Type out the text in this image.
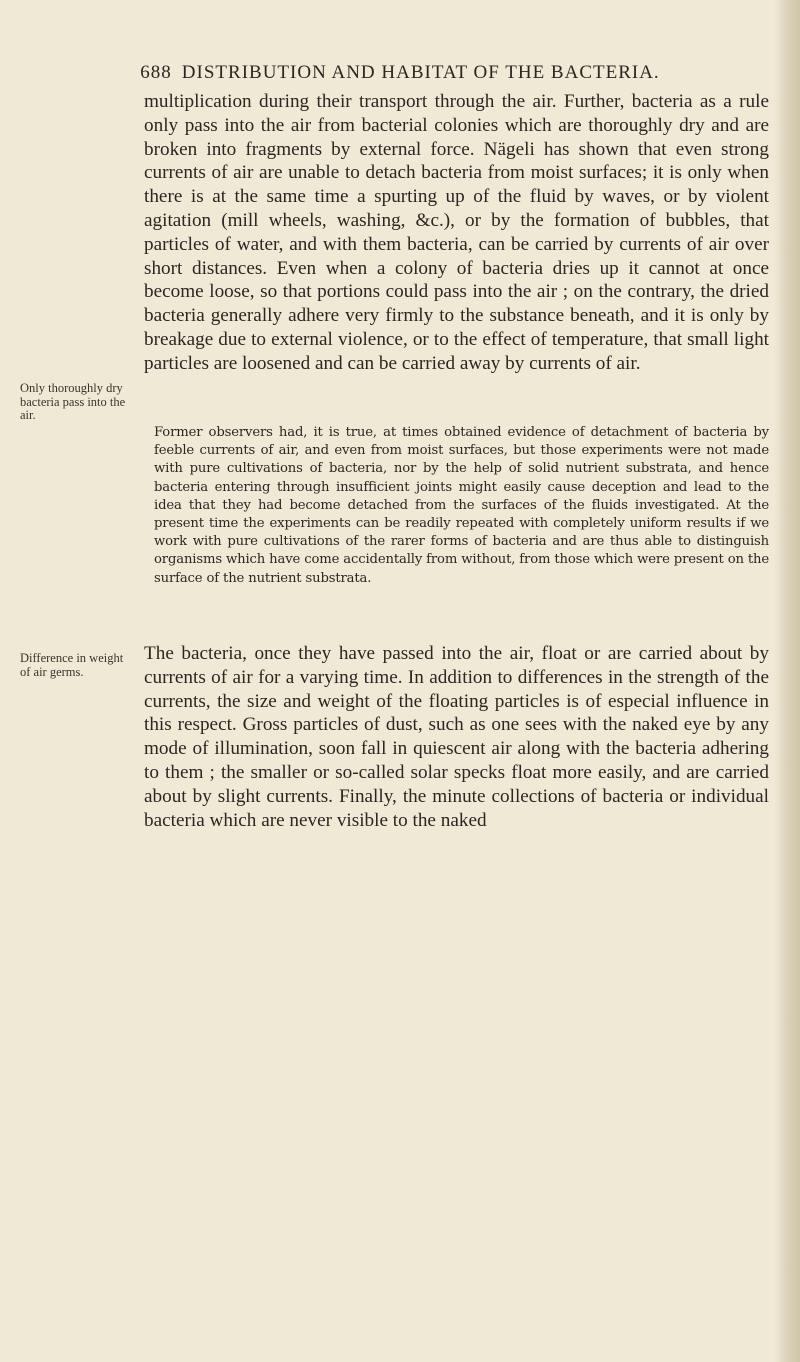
688 DISTRIBUTION AND HABITAT OF THE BACTERIA.

multiplication during their transport through the air. Further, bacteria as a rule only pass into the air from bacterial colonies which are thoroughly dry and are broken into fragments by external force. Nägeli has shown that even strong currents of air are unable to detach bacteria from moist surfaces; it is only when there is at the same time a spurting up of the fluid by waves, or by violent agitation (mill wheels, washing, &c.), or by the formation of bubbles, that particles of water, and with them bacteria, can be carried by currents of air over short distances. Even when a colony of bacteria dries up it cannot at once become loose, so that portions could pass into the air ; on the contrary, the dried bacteria generally adhere very firmly to the substance beneath, and it is only by breakage due to external violence, or to the effect of temperature, that small light particles are loosened and can be carried away by currents of air.

Only thoroughly dry bacteria pass into the air.

Former observers had, it is true, at times obtained evidence of detachment of bacteria by feeble currents of air, and even from moist surfaces, but those experiments were not made with pure cultivations of bacteria, nor by the help of solid nutrient substrata, and hence bacteria entering through insufficient joints might easily cause deception and lead to the idea that they had become detached from the surfaces of the fluids investigated. At the present time the experiments can be readily repeated with completely uniform results if we work with pure cultivations of the rarer forms of bacteria and are thus able to distinguish organisms which have come accidentally from without, from those which were present on the surface of the nutrient substrata.

Difference in weight of air germs.

The bacteria, once they have passed into the air, float or are carried about by currents of air for a varying time. In addition to differences in the strength of the currents, the size and weight of the floating particles is of especial influence in this respect. Gross particles of dust, such as one sees with the naked eye by any mode of illumination, soon fall in quiescent air along with the bacteria adhering to them ; the smaller or so-called solar specks float more easily, and are carried about by slight currents. Finally, the minute collections of bacteria or individual bacteria which are never visible to the naked
